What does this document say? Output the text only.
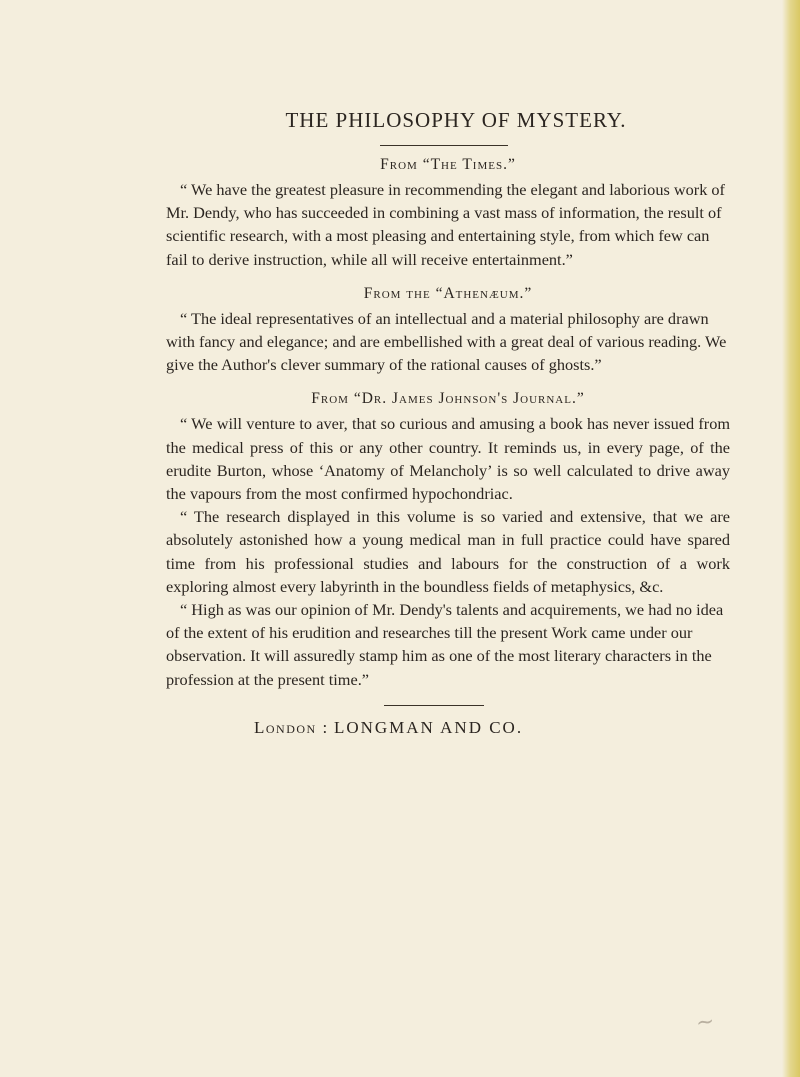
THE PHILOSOPHY OF MYSTERY.
From “The Times.”

“ We have the greatest pleasure in recommending the elegant and laborious work of Mr. Dendy, who has succeeded in combining a vast mass of information, the result of scientific research, with a most pleasing and entertaining style, from which few can fail to derive instruction, while all will receive entertainment.”

From the “Athenæum.”

“ The ideal representatives of an intellectual and a material philosophy are drawn with fancy and elegance; and are embellished with a great deal of various reading. We give the Author's clever summary of the rational causes of ghosts.”

From “Dr. James Johnson's Journal.”

“ We will venture to aver, that so curious and amusing a book has never issued from the medical press of this or any other country. It reminds us, in every page, of the erudite Burton, whose ‘Anatomy of Melancholy’ is so well calculated to drive away the vapours from the most confirmed hypochondriac.

“ The research displayed in this volume is so varied and extensive, that we are absolutely astonished how a young medical man in full practice could have spared time from his professional studies and labours for the construction of a work exploring almost every labyrinth in the boundless fields of metaphysics, &c.

“ High as was our opinion of Mr. Dendy's talents and acquirements, we had no idea of the extent of his erudition and researches till the present Work came under our observation. It will assuredly stamp him as one of the most literary characters in the profession at the present time.”

London : LONGMAN AND CO.
~
